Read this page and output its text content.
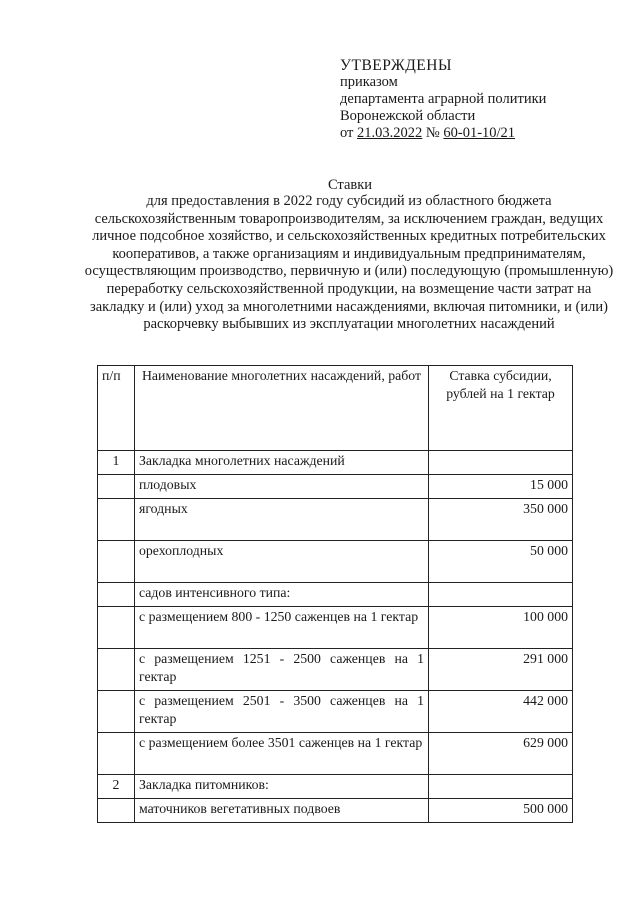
УТВЕРЖДЕНЫ
приказом
департамента аграрной политики
Воронежской области
от 21.03.2022 № 60-01-10/21
Ставки
для предоставления в 2022 году субсидий из областного бюджета сельскохозяйственным товаропроизводителям, за исключением граждан, ведущих личное подсобное хозяйство, и сельскохозяйственных кредитных потребительских кооперативов, а также организациям и индивидуальным предпринимателям, осуществляющим производство, первичную и (или) последующую (промышленную) переработку сельскохозяйственной продукции, на возмещение части затрат на закладку и (или) уход за многолетними насаждениями, включая питомники, и (или) раскорчевку выбывших из эксплуатации многолетних насаждений
п/п	Наименование многолетних насаждений, работ	Ставка субсидии, рублей на 1 гектар
1	Закладка многолетних насаждений	
	плодовых	15 000
	ягодных	350 000
	орехоплодных	50 000
	садов интенсивного типа:	
	с размещением 800 - 1250 саженцев на 1 гектар	100 000
	с размещением 1251 - 2500 саженцев на 1 гектар	291 000
	с размещением 2501 - 3500 саженцев на 1 гектар	442 000
	с размещением более 3501 саженцев на 1 гектар	629 000
2	Закладка питомников:	
	маточников вегетативных подвоев	500 000
